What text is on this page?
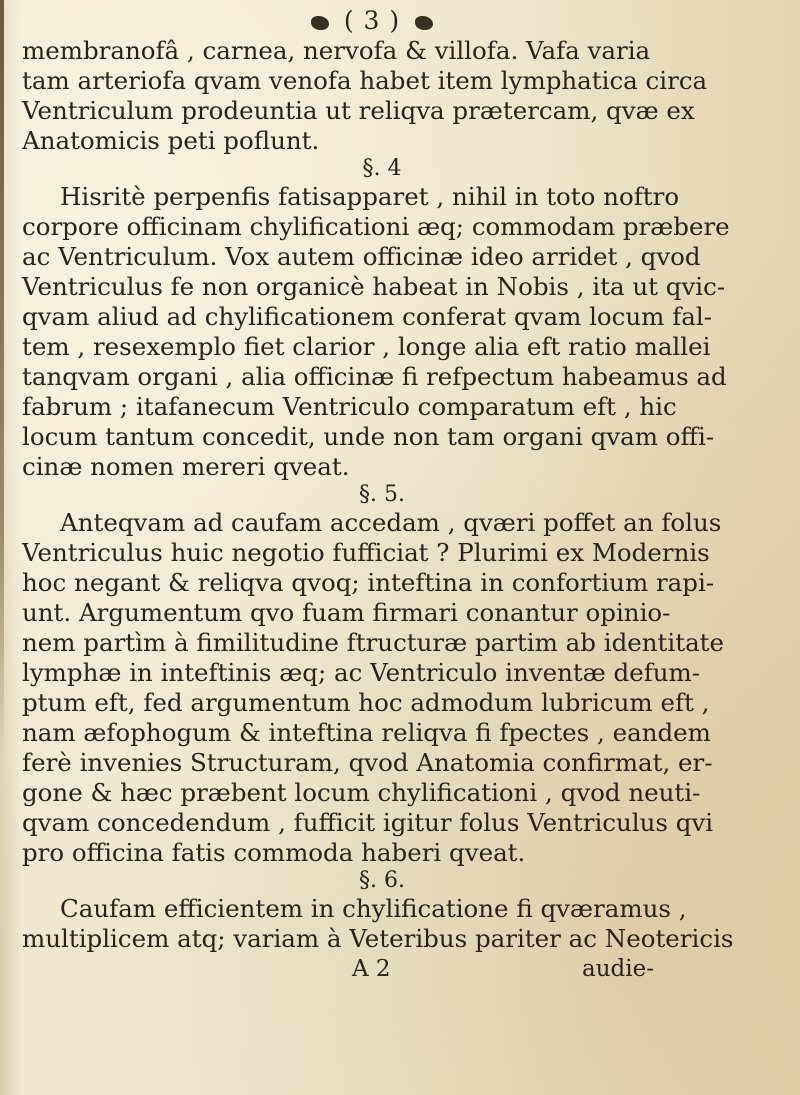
( 3 )
membranofâ , carnea, nervofa & villofa. Vafa varia
tam arteriofa qvam venofa habet item lymphatica circa
Ventriculum prodeuntia ut reliqva prætercam, qvæ ex
Anatomicis peti poflunt.
§. 4
Hisritè perpenfis fatisapparet , nihil in toto noftro
corpore officinam chylificationi æq; commodam præbere
ac Ventriculum. Vox autem officinæ ideo arridet , qvod
Ventriculus fe non organicè habeat in Nobis , ita ut qvic-
qvam aliud ad chylificationem conferat qvam locum fal-
tem , resexemplo fiet clarior , longe alia eft ratio mallei
tanqvam organi , alia officinæ fi refpectum habeamus ad
fabrum ; itafanecum Ventriculo comparatum eft , hic
locum tantum concedit, unde non tam organi qvam offi-
cinæ nomen mereri qveat.
§. 5.
Anteqvam ad caufam accedam , qværi poffet an folus
Ventriculus huic negotio fufficiat ? Plurimi ex Modernis
hoc negant & reliqva qvoq; inteftina in confortium rapi-
unt. Argumentum qvo fuam firmari conantur opinio-
nem partìm à fimilitudine ftructuræ partim ab identitate
lymphæ in inteftinis æq; ac Ventriculo inventæ defum-
ptum eft, fed argumentum hoc admodum lubricum eft ,
nam æfophogum & inteftina reliqva fi fpectes , eandem
ferè invenies Structuram, qvod Anatomia confirmat, er-
gone & hæc præbent locum chylificationi , qvod neuti-
qvam concedendum , fufficit igitur folus Ventriculus qvi
pro officina fatis commoda haberi qveat.
§. 6.
Caufam efficientem in chylificatione fi qværamus ,
multiplicem atq; variam à Veteribus pariter ac Neotericis
A 2	audie-
